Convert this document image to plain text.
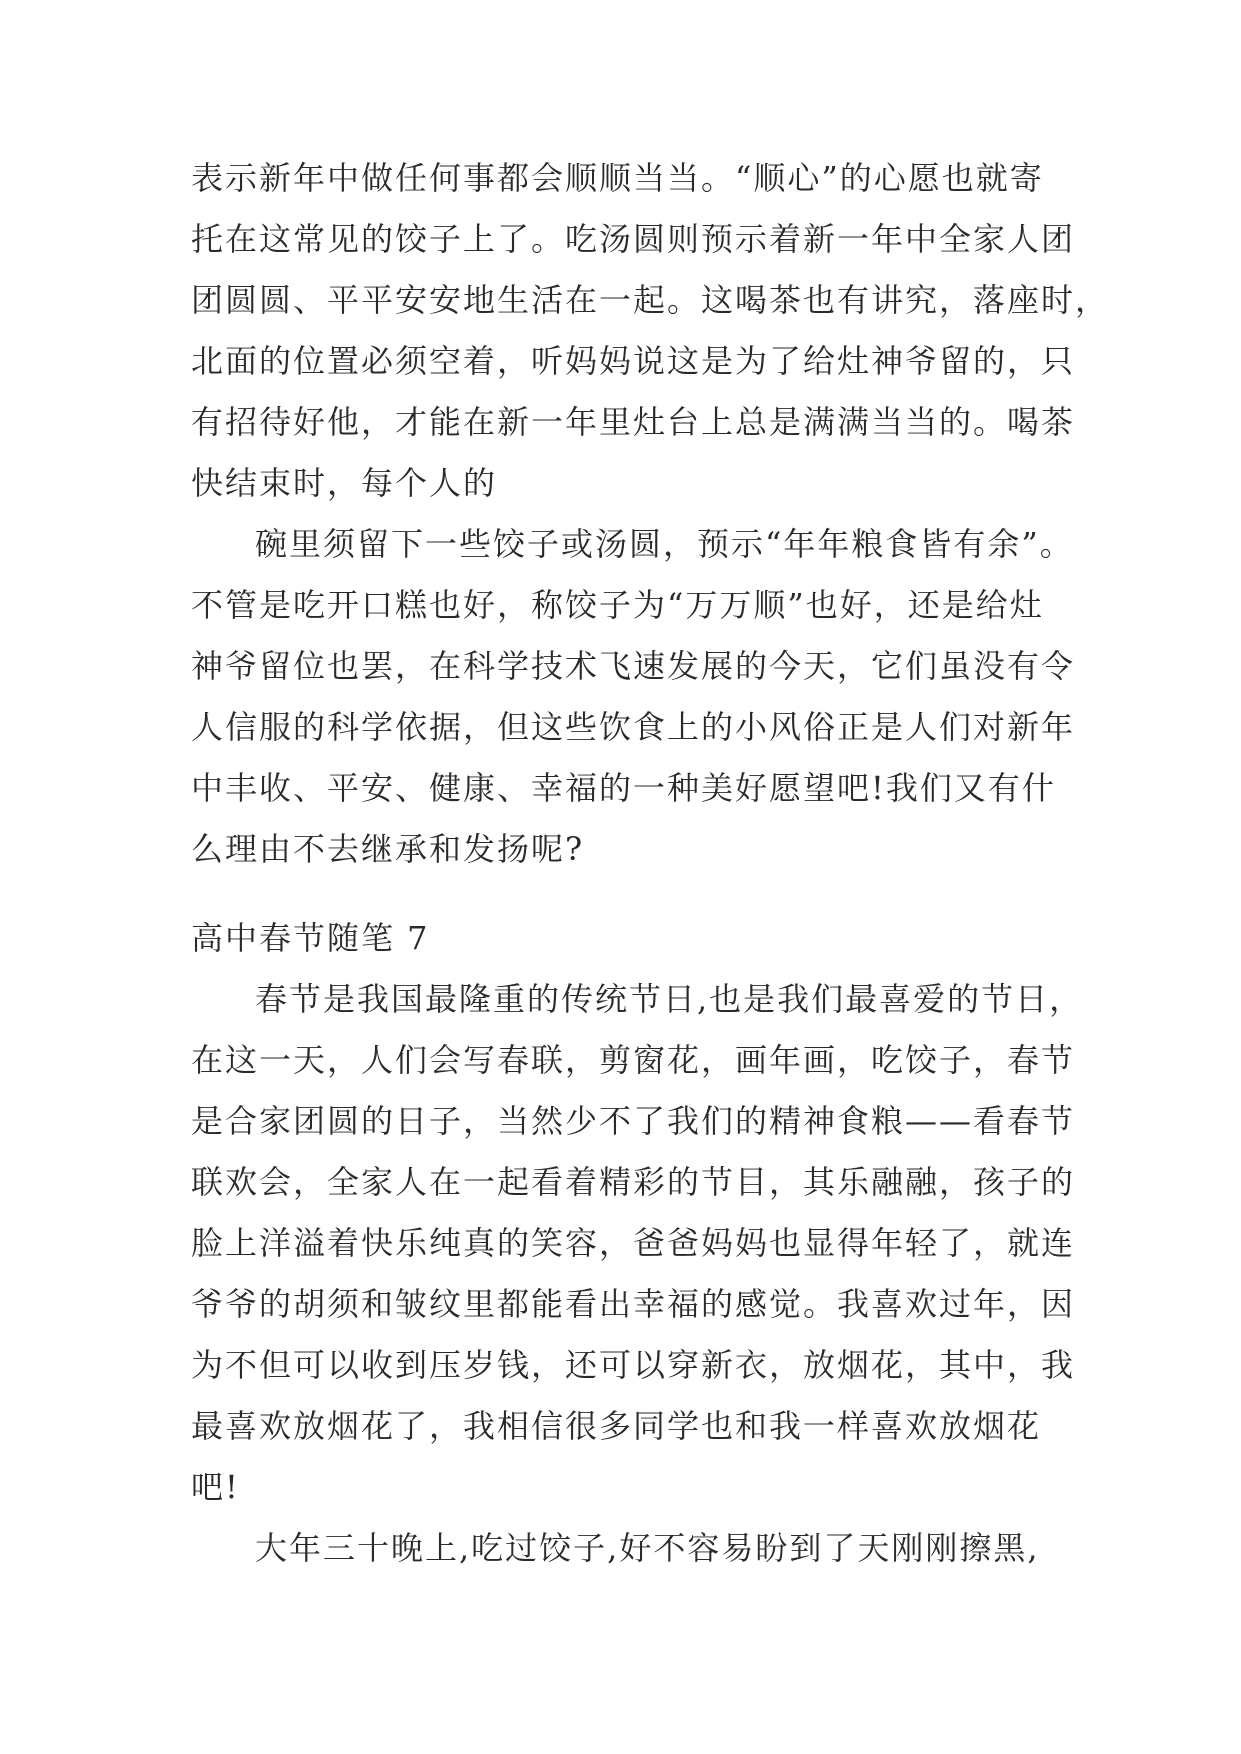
表示新年中做任何事都会顺顺当当。“顺心”的心愿也就寄
托在这常见的饺子上了。吃汤圆则预示着新一年中全家人团
团圆圆、平平安安地生活在一起。这喝茶也有讲究，落座时，
北面的位置必须空着，听妈妈说这是为了给灶神爷留的，只
有招待好他，才能在新一年里灶台上总是满满当当的。喝茶
快结束时，每个人的
碗里须留下一些饺子或汤圆，预示“年年粮食皆有余”。
不管是吃开口糕也好，称饺子为“万万顺”也好，还是给灶
神爷留位也罢，在科学技术飞速发展的今天，它们虽没有令
人信服的科学依据，但这些饮食上的小风俗正是人们对新年
中丰收、平安、健康、幸福的一种美好愿望吧!我们又有什
么理由不去继承和发扬呢?
高中春节随笔 7
春节是我国最隆重的传统节日,也是我们最喜爱的节日，
在这一天，人们会写春联，剪窗花，画年画，吃饺子，春节
是合家团圆的日子，当然少不了我们的精神食粮——看春节
联欢会，全家人在一起看着精彩的节目，其乐融融，孩子的
脸上洋溢着快乐纯真的笑容，爸爸妈妈也显得年轻了，就连
爷爷的胡须和皱纹里都能看出幸福的感觉。我喜欢过年，因
为不但可以收到压岁钱，还可以穿新衣，放烟花，其中，我
最喜欢放烟花了，我相信很多同学也和我一样喜欢放烟花
吧!
大年三十晚上,吃过饺子,好不容易盼到了天刚刚擦黑,
